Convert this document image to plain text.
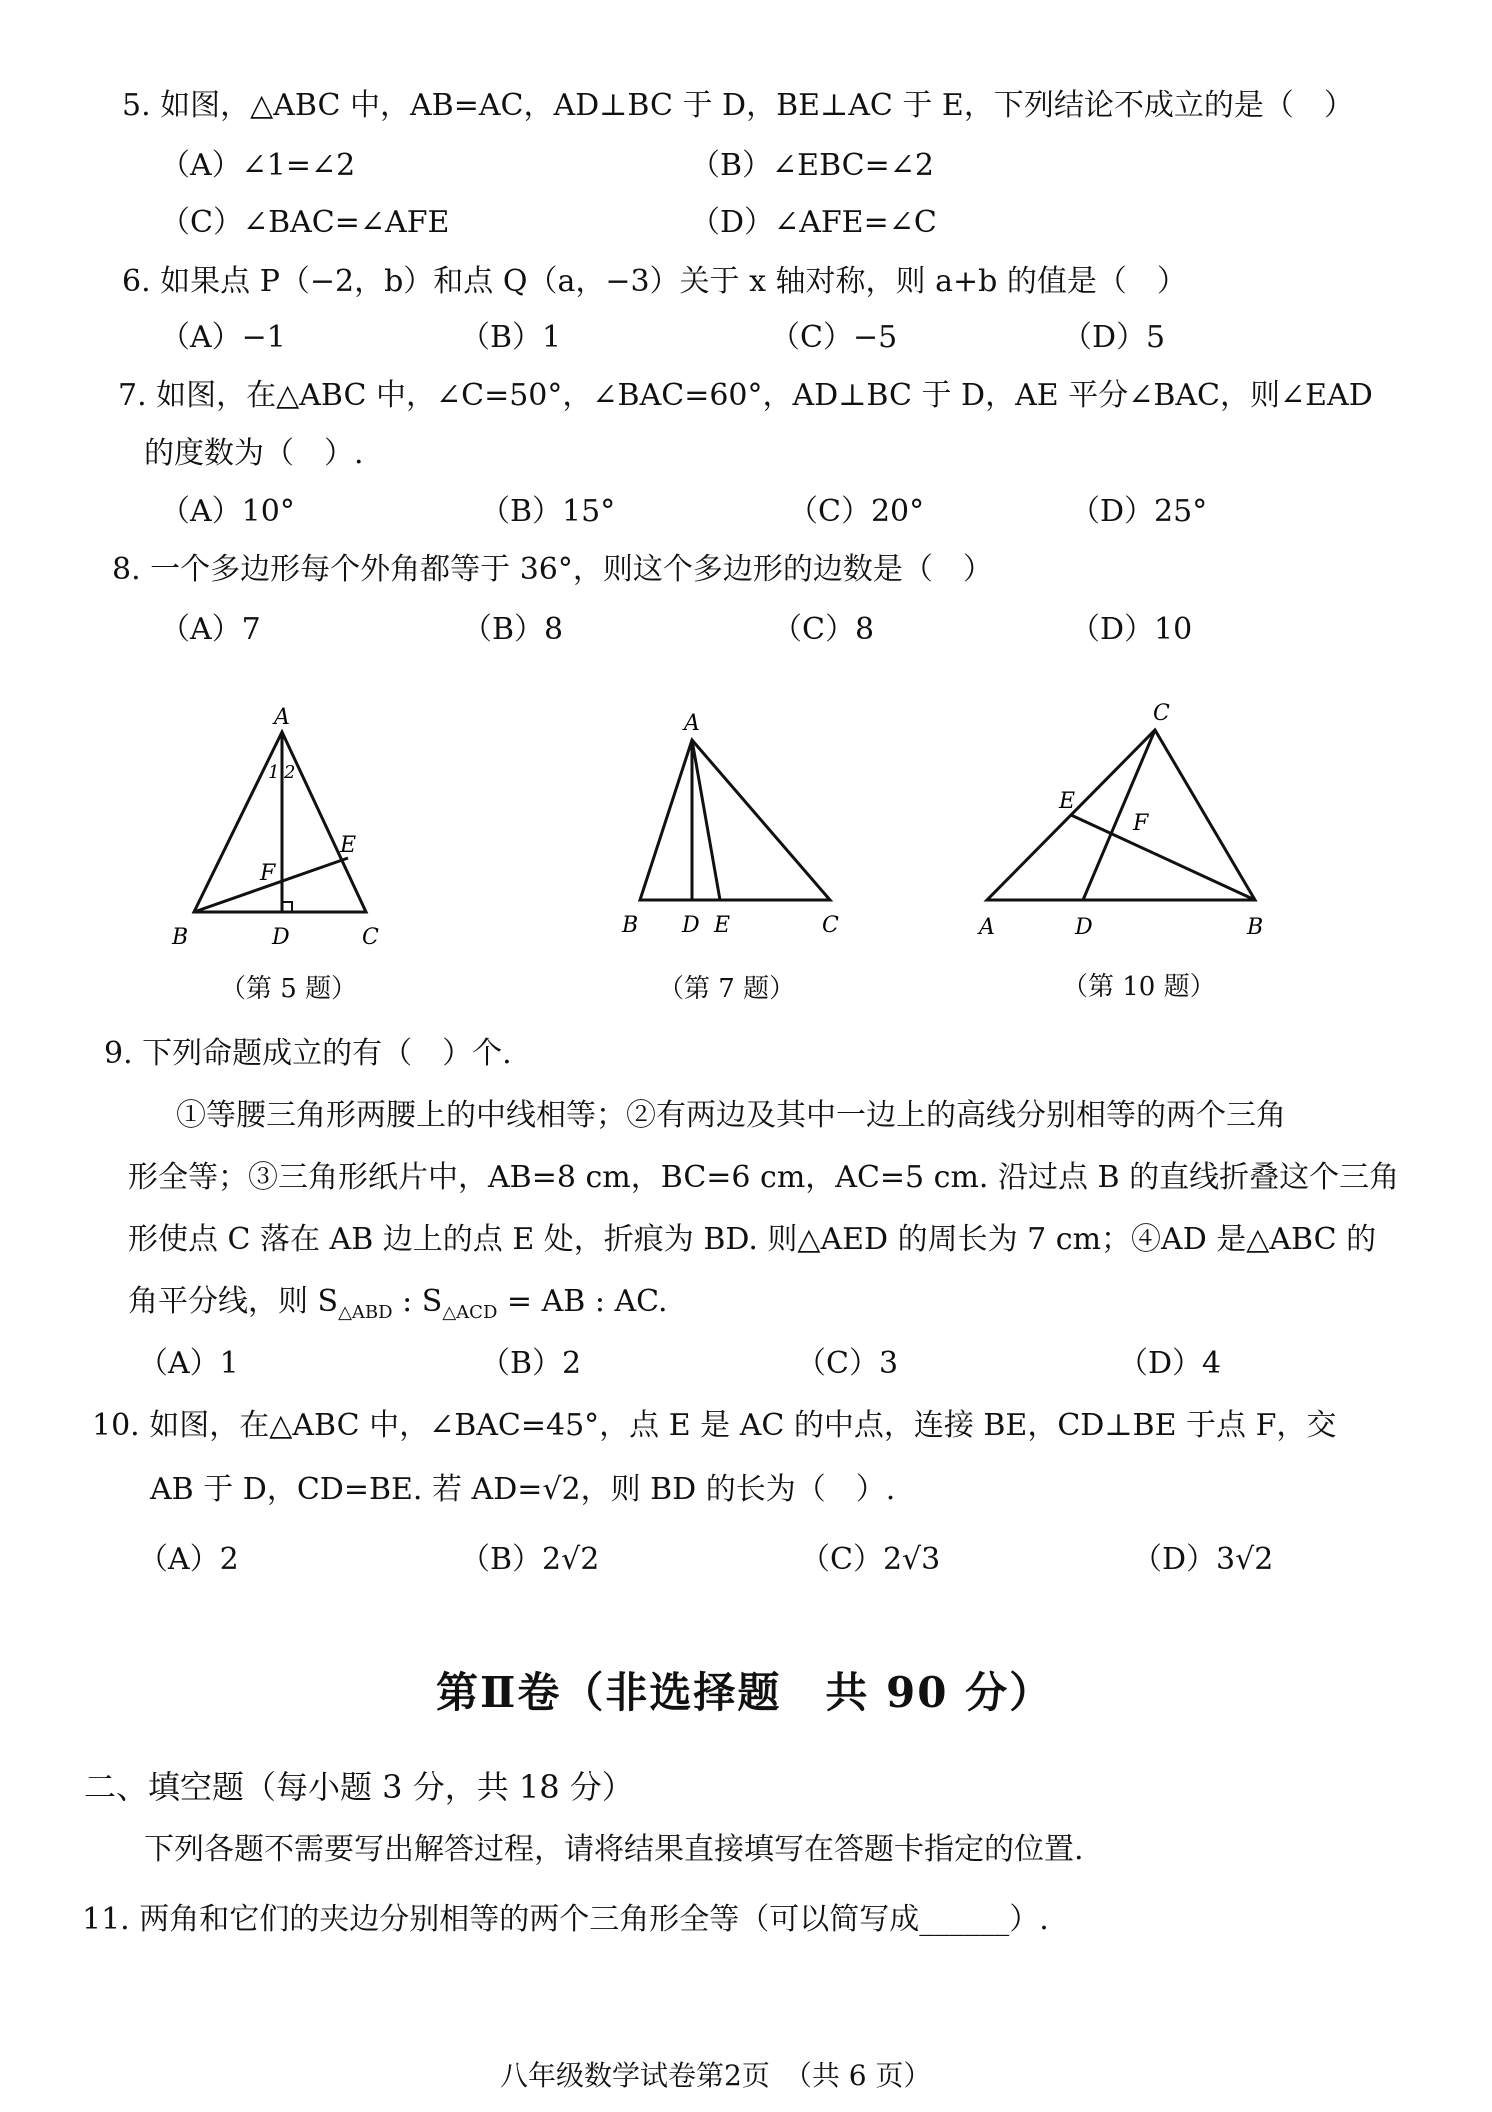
5. 如图，△ABC 中，AB=AC，AD⊥BC 于 D，BE⊥AC 于 E，下列结论不成立的是（　）
（A）∠1=∠2	（B）∠EBC=∠2
（C）∠BAC=∠AFE	（D）∠AFE=∠C
6. 如果点 P（−2，b）和点 Q（a，−3）关于 x 轴对称，则 a+b 的值是（　）
（A）−1	（B）1	（C）−5	（D）5
7. 如图，在△ABC 中，∠C=50°，∠BAC=60°，AD⊥BC 于 D，AE 平分∠BAC，则∠EAD
的度数为（　）.
（A）10°	（B）15°	（C）20°	（D）25°
8. 一个多边形每个外角都等于 36°，则这个多边形的边数是（　）
（A）7	（B）8	（C）8	（D）10
A
1 2
F
E
B	D	C
（第 5 题）
A
B D E	C
（第 7 题）
C
E
F
A	D	B
（第 10 题）
9. 下列命题成立的有（　）个.
①等腰三角形两腰上的中线相等；②有两边及其中一边上的高线分别相等的两个三角
形全等；③三角形纸片中，AB=8 cm，BC=6 cm，AC=5 cm. 沿过点 B 的直线折叠这个三角
形使点 C 落在 AB 边上的点 E 处，折痕为 BD. 则△AED 的周长为 7 cm；④AD 是△ABC 的
角平分线，则 $S_{\triangle ABD}$ : $S_{\triangle ACD}$ = AB : AC.
（A）1	（B）2	（C）3	（D）4
10. 如图，在△ABC 中，∠BAC=45°，点 E 是 AC 的中点，连接 BE，CD⊥BE 于点 F，交
AB 于 D，CD=BE. 若 AD=√2，则 BD 的长为（　）.
（A）2	（B）2√2	（C）2√3	（D）3√2
第Ⅱ卷（非选择题　共 90 分）
二、填空题（每小题 3 分，共 18 分）
下列各题不需要写出解答过程，请将结果直接填写在答题卡指定的位置.
11. 两角和它们的夹边分别相等的两个三角形全等（可以简写成______）.
八年级数学试卷第2页　（共 6 页）
